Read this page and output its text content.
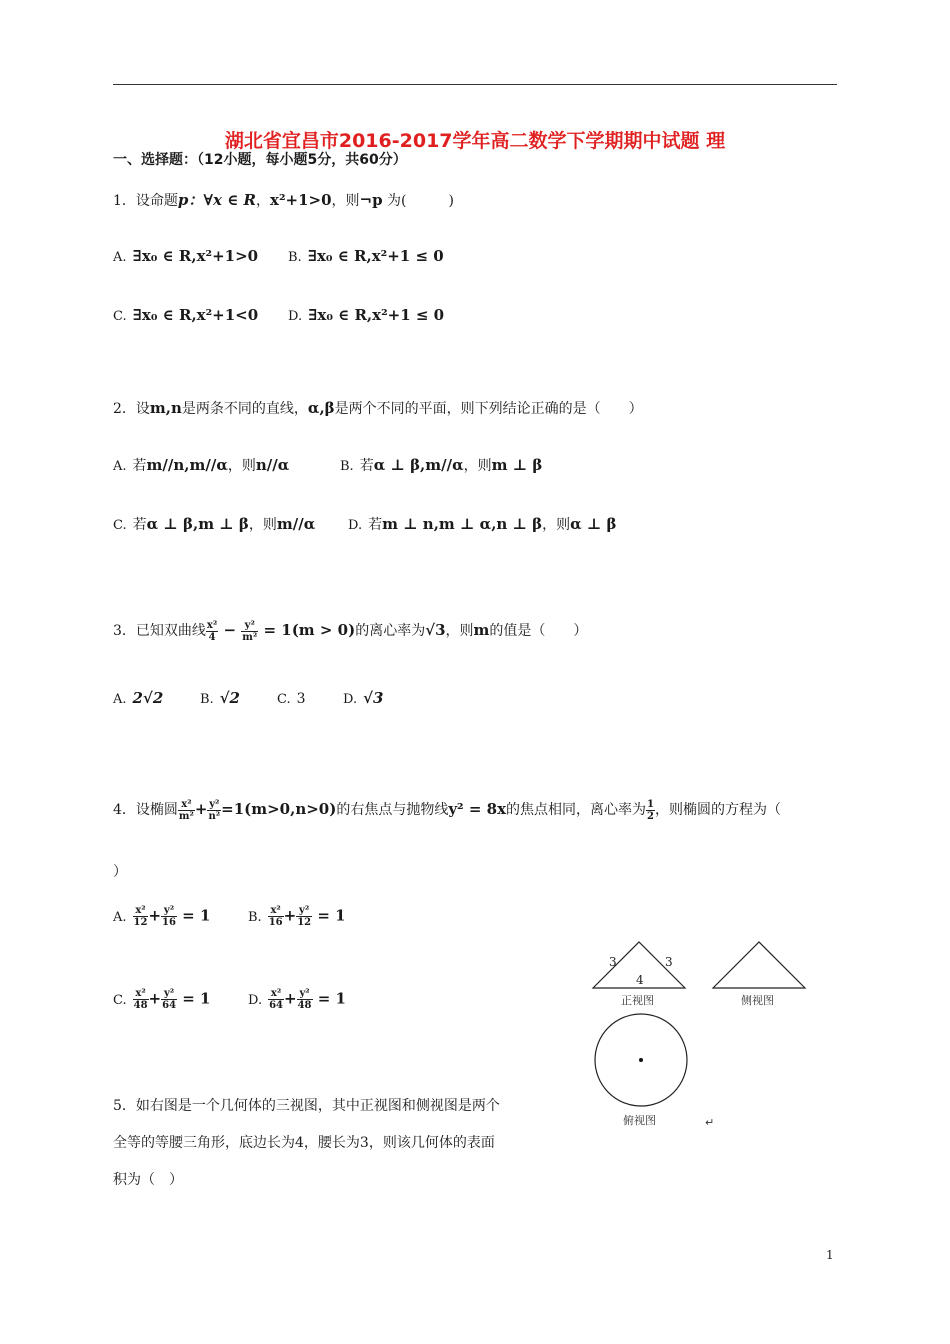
湖北省宜昌市2016-2017学年高二数学下学期期中试题 理
一、选择题：（12小题，每小题5分，共60分）
1．设命题p：∀x ∈ R，x²+1>0，则¬p 为(　　　)
A. ∃x₀ ∈ R,x²+1>0 B. ∃x₀ ∈ R,x²+1 ≤ 0
C. ∃x₀ ∈ R,x²+1<0 D. ∃x₀ ∈ R,x²+1 ≤ 0
2．设m,n是两条不同的直线，α,β是两个不同的平面，则下列结论正确的是（　　）
A. 若m//n,m//α，则n//α	B. 若α ⊥ β,m//α，则m ⊥ β
C. 若α ⊥ β,m ⊥ β，则m//α	D. 若m ⊥ n,m ⊥ α,n ⊥ β，则α ⊥ β
3．已知双曲线 $\frac{\text{x²}}{4} - \frac{\text{y²}}{\text{m²}} = 1(m > 0)$的离心率为√3，则m的值是（　　）
A. 2√2	B. √2	C. 3	D. √3
4．设椭圆 $\frac{\text{x²}}{\text{m²}} + \frac{\text{y²}}{\text{n²}} =1(m>0,n>0)$的右焦点与抛物线y² = 8x的焦点相同，离心率为 $\frac{1}{2}$ ，则椭圆的方程为（
）
A. $\frac{\text{x²}}{12} + \frac{\text{y²}}{16} = 1$	B. $\frac{\text{x²}}{16} + \frac{\text{y²}}{12} = 1$
C. $\frac{\text{x²}}{48} + \frac{\text{y²}}{64} = 1$	D. $\frac{\text{x²}}{64} + \frac{\text{y²}}{48} = 1$
5．如右图是一个几何体的三视图，其中正视图和侧视图是两个
全等的等腰三角形，底边长为4，腰长为3，则该几何体的表面
积为（　）
3	3
4
正视图	侧视图
俯视图	↵
1
